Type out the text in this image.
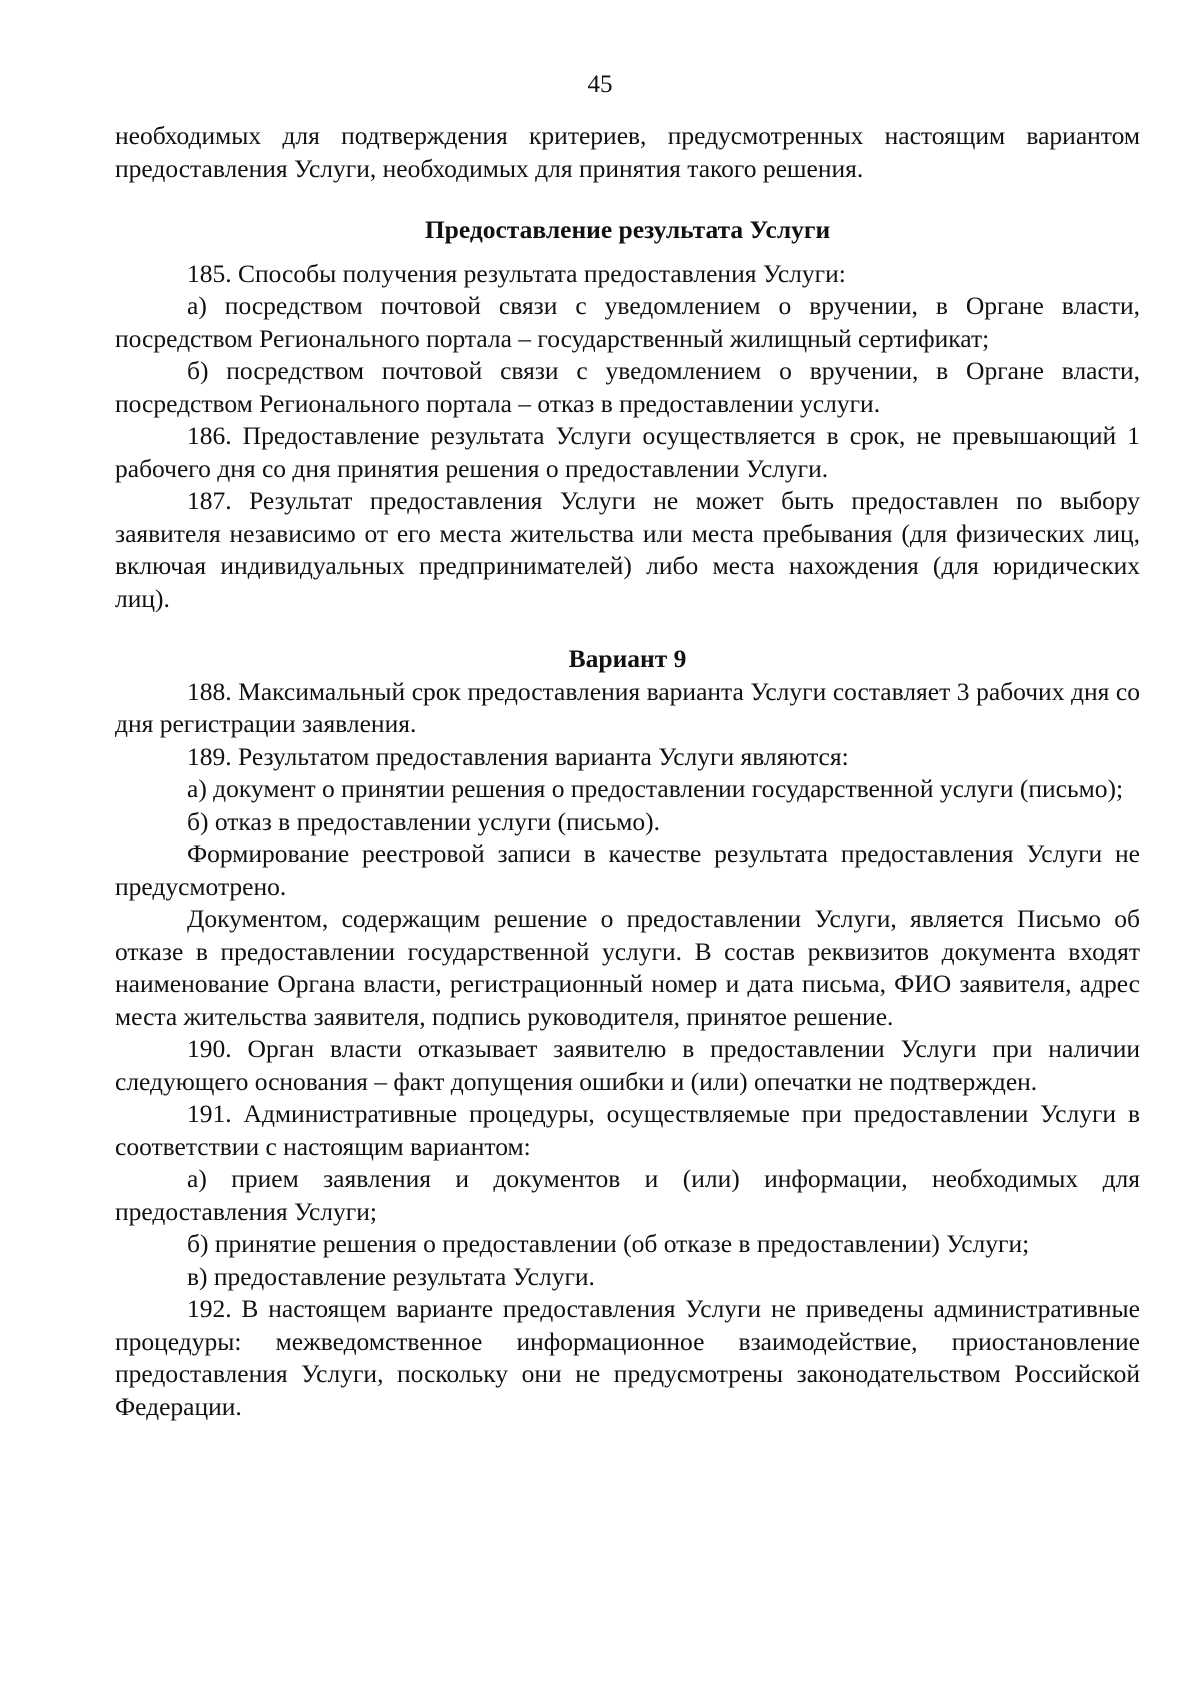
45

необходимых для подтверждения критериев, предусмотренных настоящим вариантом предоставления Услуги, необходимых для принятия такого решения.

Предоставление результата Услуги

185. Способы получения результата предоставления Услуги:

а) посредством почтовой связи с уведомлением о вручении, в Органе власти, посредством Регионального портала – государственный жилищный сертификат;

б) посредством почтовой связи с уведомлением о вручении, в Органе власти, посредством Регионального портала – отказ в предоставлении услуги.

186. Предоставление результата Услуги осуществляется в срок, не превышающий 1 рабочего дня со дня принятия решения о предоставлении Услуги.

187. Результат предоставления Услуги не может быть предоставлен по выбору заявителя независимо от его места жительства или места пребывания (для физических лиц, включая индивидуальных предпринимателей) либо места нахождения (для юридических лиц).

Вариант 9

188. Максимальный срок предоставления варианта Услуги составляет 3 рабочих дня со дня регистрации заявления.

189. Результатом предоставления варианта Услуги являются:

а) документ о принятии решения о предоставлении государственной услуги (письмо);

б) отказ в предоставлении услуги (письмо).

Формирование реестровой записи в качестве результата предоставления Услуги не предусмотрено.

Документом, содержащим решение о предоставлении Услуги, является Письмо об отказе в предоставлении государственной услуги. В состав реквизитов документа входят наименование Органа власти, регистрационный номер и дата письма, ФИО заявителя, адрес места жительства заявителя, подпись руководителя, принятое решение.

190. Орган власти отказывает заявителю в предоставлении Услуги при наличии следующего основания – факт допущения ошибки и (или) опечатки не подтвержден.

191. Административные процедуры, осуществляемые при предоставлении Услуги в соответствии с настоящим вариантом:

а) прием заявления и документов и (или) информации, необходимых для предоставления Услуги;

б) принятие решения о предоставлении (об отказе в предоставлении) Услуги;

в) предоставление результата Услуги.

192. В настоящем варианте предоставления Услуги не приведены административные процедуры: межведомственное информационное взаимодействие, приостановление предоставления Услуги, поскольку они не предусмотрены законодательством Российской Федерации.
